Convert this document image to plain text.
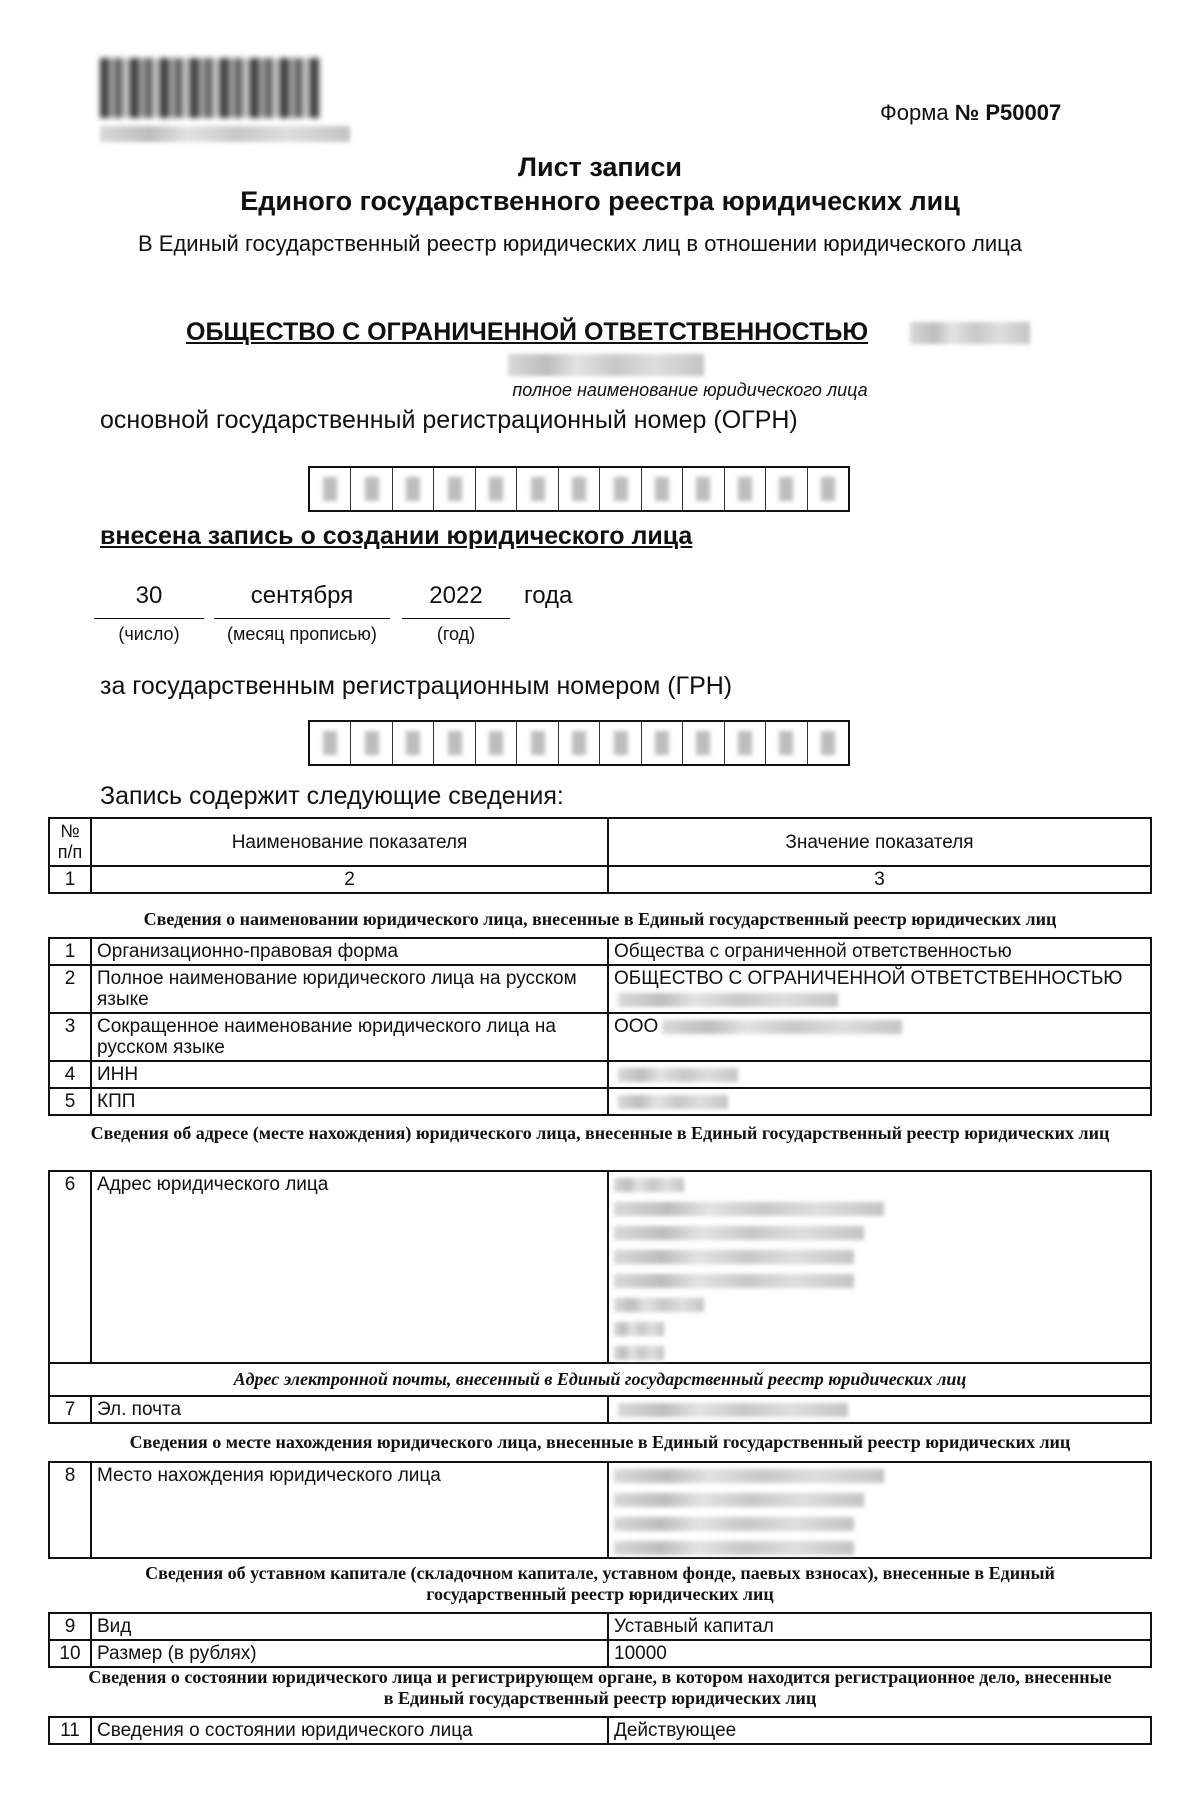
Форма № Р50007
Лист записи
Единого государственного реестра юридических лиц
В Единый государственный реестр юридических лиц в отношении юридического лица
ОБЩЕСТВО С ОГРАНИЧЕННОЙ ОТВЕТСТВЕННОСТЬЮ
полное наименование юридического лица
основной государственный регистрационный номер (ОГРН)
внесена запись о создании юридического лица
30	сентября	2022	года
(число)	(месяц прописью)	(год)
за государственным регистрационным номером (ГРН)
Запись содержит следующие сведения:
№ п/п	Наименование показателя	Значение показателя
1	2	3
Сведения о наименовании юридического лица, внесенные в Единый государственный реестр юридических лиц
1	Организационно-правовая форма	Общества с ограниченной ответственностью
2	Полное наименование юридического лица на русском языке	ОБЩЕСТВО С ОГРАНИЧЕННОЙ ОТВЕТСТВЕННОСТЬЮ
3	Сокращенное наименование юридического лица на русском языке	ООО
4	ИНН	
5	КПП	
Сведения об адресе (месте нахождения) юридического лица, внесенные в Единый государственный реестр юридических лиц
6	Адрес юридического лица	

Адрес электронной почты, внесенный в Единый государственный реестр юридических лиц		
7	Эл. почта	
Сведения о месте нахождения юридического лица, внесенные в Единый государственный реестр юридических лиц
8	Место нахождения юридического лица	
Сведения об уставном капитале (складочном капитале, уставном фонде, паевых взносах), внесенные в Единый государственный реестр юридических лиц
9	Вид	Уставный капитал
10	Размер (в рублях)	10000
Сведения о состоянии юридического лица и регистрирующем органе, в котором находится регистрационное дело, внесенные в Единый государственный реестр юридических лиц
11	Сведения о состоянии юридического лица	Действующее
